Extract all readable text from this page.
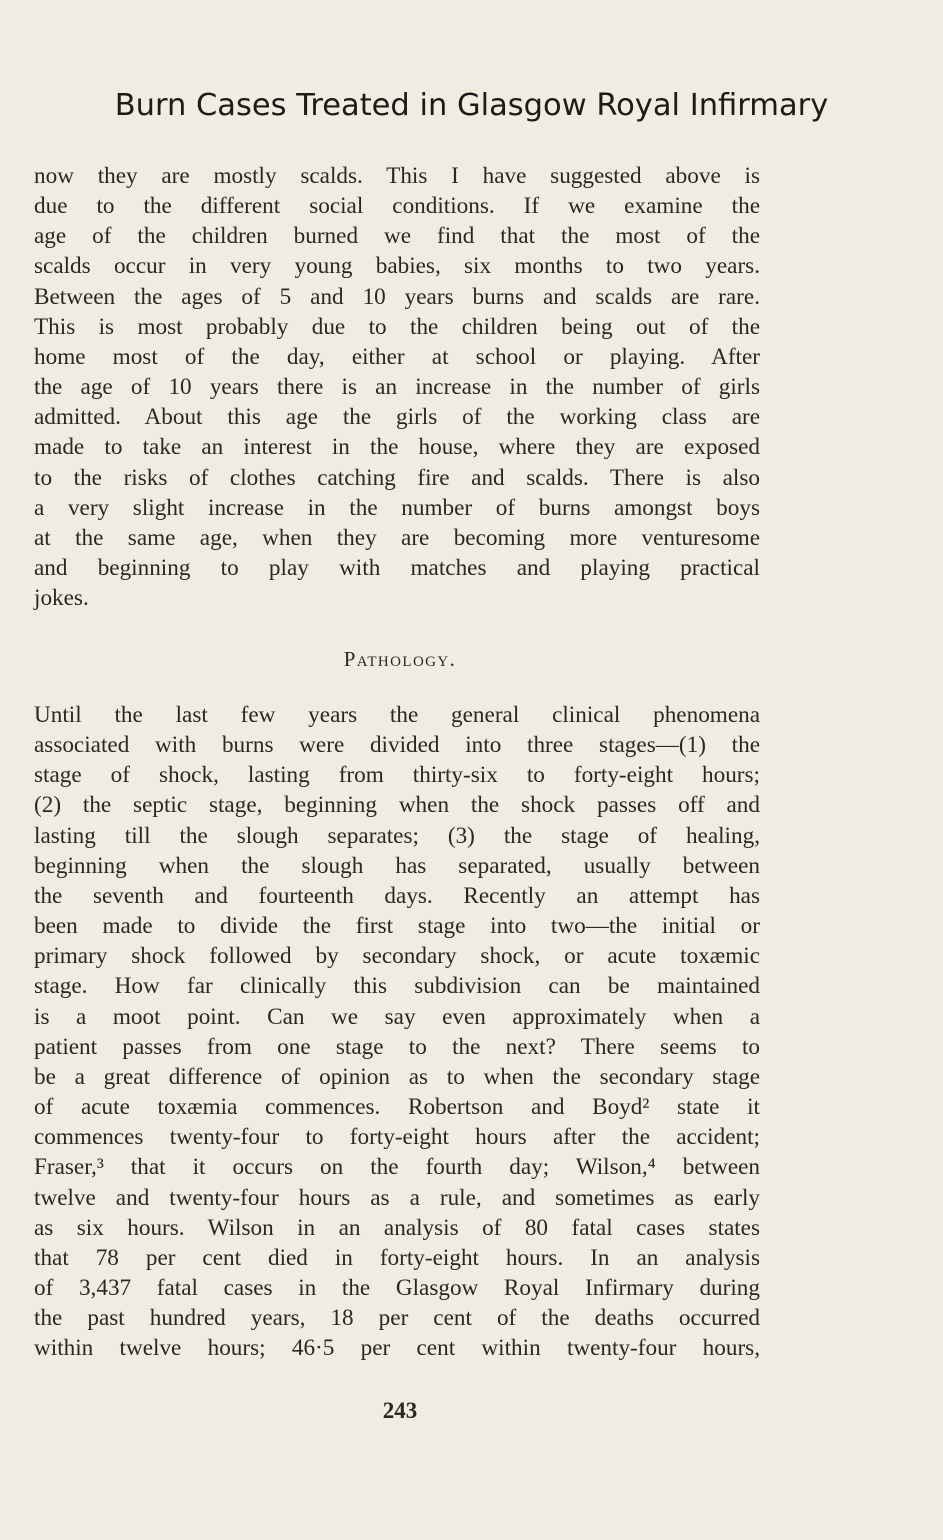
Burn Cases Treated in Glasgow Royal Infirmary
now they are mostly scalds. This I have suggested above is
due to the different social conditions. If we examine the
age of the children burned we find that the most of the
scalds occur in very young babies, six months to two years.
Between the ages of 5 and 10 years burns and scalds are rare.
This is most probably due to the children being out of the
home most of the day, either at school or playing. After
the age of 10 years there is an increase in the number of girls
admitted. About this age the girls of the working class are
made to take an interest in the house, where they are exposed
to the risks of clothes catching fire and scalds. There is also
a very slight increase in the number of burns amongst boys
at the same age, when they are becoming more venturesome
and beginning to play with matches and playing practical
jokes.
Pathology.
Until the last few years the general clinical phenomena
associated with burns were divided into three stages—(1) the
stage of shock, lasting from thirty-six to forty-eight hours;
(2) the septic stage, beginning when the shock passes off and
lasting till the slough separates; (3) the stage of healing,
beginning when the slough has separated, usually between
the seventh and fourteenth days. Recently an attempt has
been made to divide the first stage into two—the initial or
primary shock followed by secondary shock, or acute toxæmic
stage. How far clinically this subdivision can be maintained
is a moot point. Can we say even approximately when a
patient passes from one stage to the next? There seems to
be a great difference of opinion as to when the secondary stage
of acute toxæmia commences. Robertson and Boyd² state it
commences twenty-four to forty-eight hours after the accident;
Fraser,³ that it occurs on the fourth day; Wilson,⁴ between
twelve and twenty-four hours as a rule, and sometimes as early
as six hours. Wilson in an analysis of 80 fatal cases states
that 78 per cent died in forty-eight hours. In an analysis
of 3,437 fatal cases in the Glasgow Royal Infirmary during
the past hundred years, 18 per cent of the deaths occurred
within twelve hours; 46·5 per cent within twenty-four hours,
243
